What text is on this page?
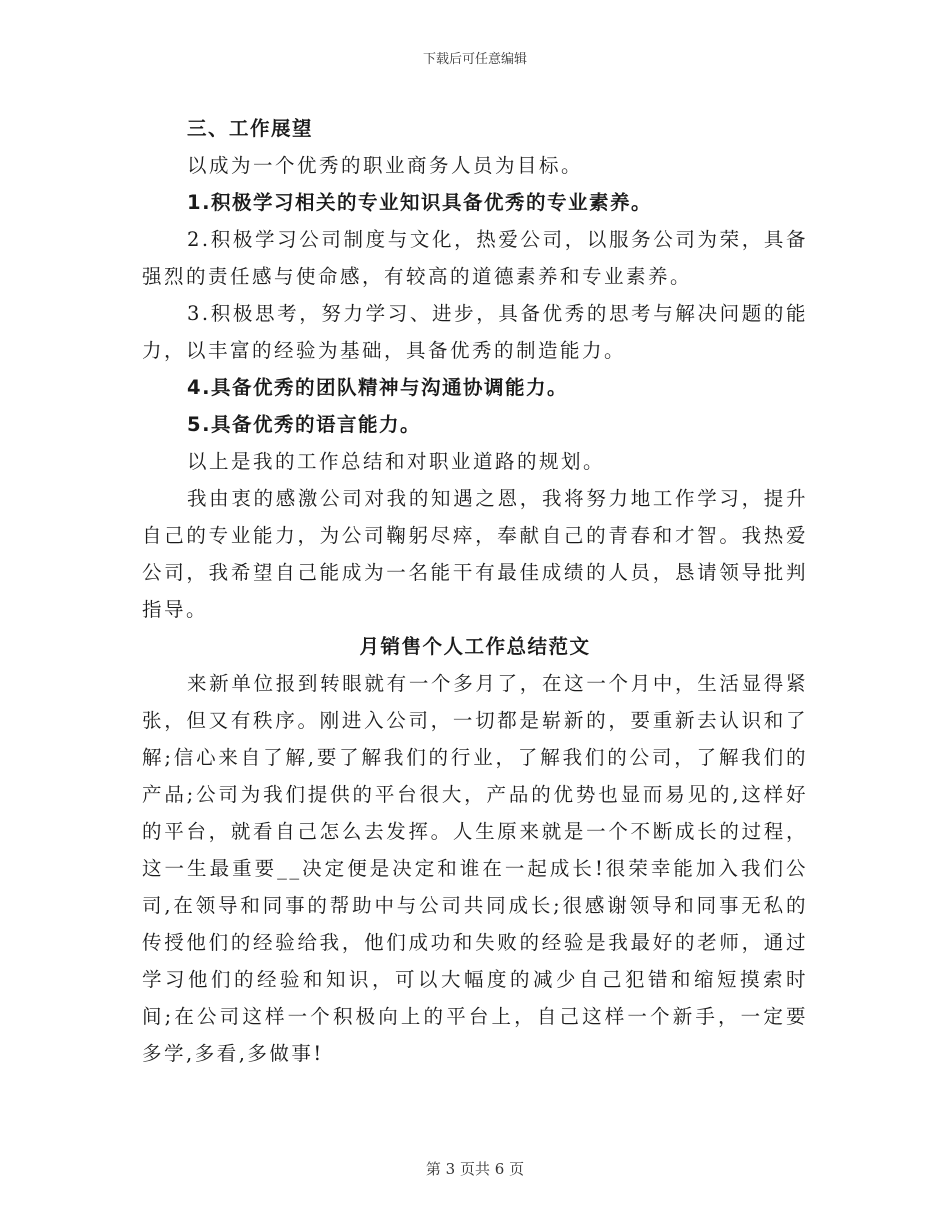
下载后可任意编辑

三、工作展望

以成为一个优秀的职业商务人员为目标。

1.积极学习相关的专业知识具备优秀的专业素养。

2.积极学习公司制度与文化，热爱公司，以服务公司为荣，具备强烈的责任感与使命感，有较高的道德素养和专业素养。

3.积极思考，努力学习、进步，具备优秀的思考与解决问题的能力，以丰富的经验为基础，具备优秀的制造能力。

4.具备优秀的团队精神与沟通协调能力。

5.具备优秀的语言能力。

以上是我的工作总结和对职业道路的规划。

我由衷的感激公司对我的知遇之恩，我将努力地工作学习，提升自己的专业能力，为公司鞠躬尽瘁，奉献自己的青春和才智。我热爱公司，我希望自己能成为一名能干有最佳成绩的人员，恳请领导批判指导。

月销售个人工作总结范文

来新单位报到转眼就有一个多月了，在这一个月中，生活显得紧张，但又有秩序。刚进入公司，一切都是崭新的，要重新去认识和了解;信心来自了解,要了解我们的行业，了解我们的公司，了解我们的产品;公司为我们提供的平台很大，产品的优势也显而易见的,这样好的平台，就看自己怎么去发挥。人生原来就是一个不断成长的过程，这一生最重要__决定便是决定和谁在一起成长!很荣幸能加入我们公司,在领导和同事的帮助中与公司共同成长;很感谢领导和同事无私的传授他们的经验给我，他们成功和失败的经验是我最好的老师，通过学习他们的经验和知识，可以大幅度的减少自己犯错和缩短摸索时间;在公司这样一个积极向上的平台上，自己这样一个新手，一定要多学,多看,多做事!

第 3 页共 6 页
